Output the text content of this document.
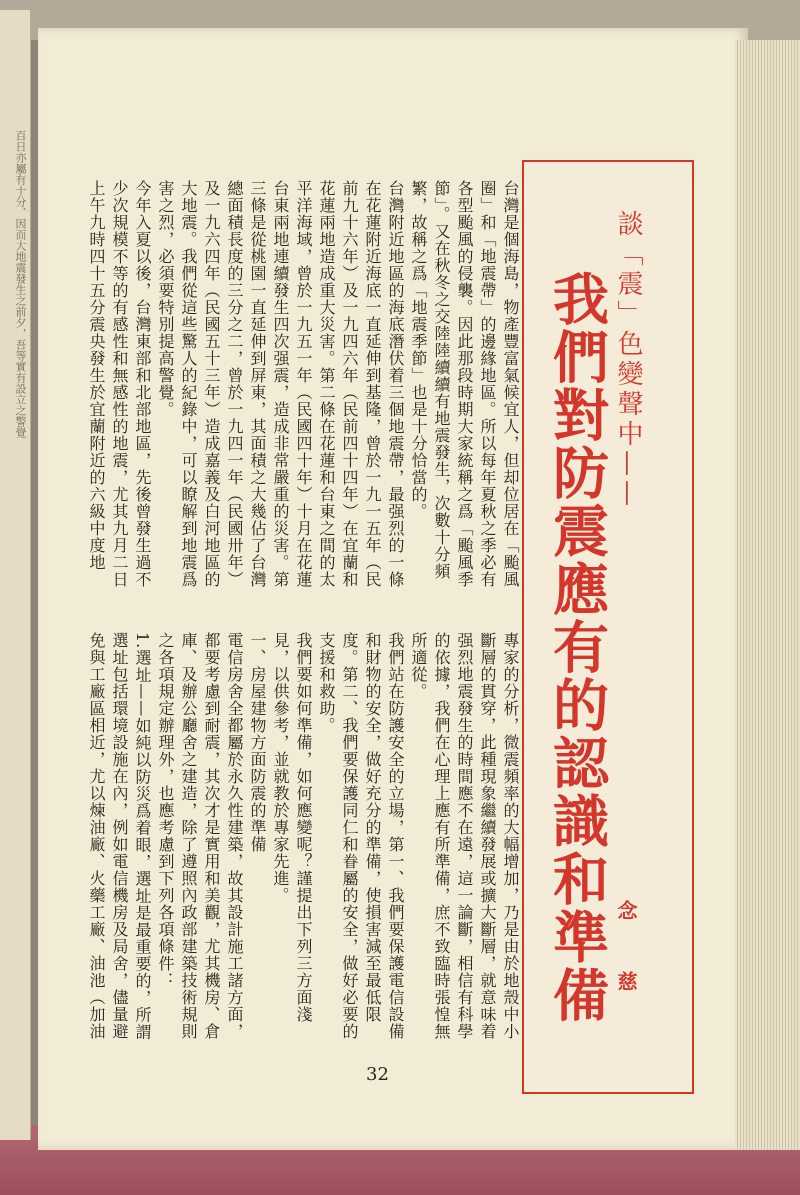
百日亦屬有十分、因而大地震發生之前夕，吾等實有設立之警覺	談「震」色變聲中——
我們對防震應有的認識和準備 念 慈
台灣是個海島，物產豐富氣候宜人，但却位居在「颱風圈」和「地震帶」的邊緣地區。所以每年夏秋之季必有各型颱風的侵襲。因此那段時期大家統稱之爲「颱風季節」。又在秋冬之交陸陸續續有地震發生，次數十分頻繁，故稱之爲「地震季節」也是十分恰當的。
台灣附近地區的海底潛伏着三個地震帶，最强烈的一條在花蓮附近海底一直延伸到基隆，曾於一九一五年（民前九十六年）及一九四六年（民前四十四年）在宜蘭和花蓮兩地造成重大災害。第二條在花蓮和台東之間的太平洋海域，曾於一九五一年（民國四十年）十月在花蓮台東兩地連續發生四次强震，造成非常嚴重的災害。第三條是從桃園一直延伸到屏東，其面積之大幾佔了台灣總面積長度的三分之二，曾於一九四一年（民國卅年）及一九六四年（民國五十三年）造成嘉義及白河地區的大地震。我們從這些驚人的紀錄中，可以瞭解到地震爲害之烈，必須要特別提高警覺。
今年入夏以後，台灣東部和北部地區，先後曾發生過不少次規模不等的有感性和無感性的地震，尤其九月二日上午九時四十五分震央發生於宜蘭附近的六級中度地
專家的分析，微震頻率的大幅增加，乃是由於地殼中小斷層的貫穿，此種現象繼續發展或擴大斷層，就意味着强烈地震發生的時間應不在遠，這一論斷，相信有科學的依據，我們在心理上應有所準備，庶不致臨時張惶無所適從。
我們站在防護安全的立場，第一、我們要保護電信設備和財物的安全，做好充分的準備，使損害減至最低限度。第二、我們要保護同仁和眷屬的安全，做好必要的支援和救助。
我們要如何準備，如何應變呢？謹提出下列三方面淺見，以供參考，並就教於專家先進。
一、房屋建物方面防震的準備
電信房舍全都屬於永久性建築，故其設計施工諸方面，都要考慮到耐震，其次才是實用和美觀，尤其機房、倉庫、及辦公廳舍之建造，除了遵照內政部建築技術規則之各項規定辦理外，也應考慮到下列各項條件：
1.選址——如純以防災爲着眼，選址是最重要的，所謂選址包括環境設施在內，例如電信機房及局舍，儘量避免與工廠區相近，尤以煉油廠、火藥工廠、油池（加油
32
